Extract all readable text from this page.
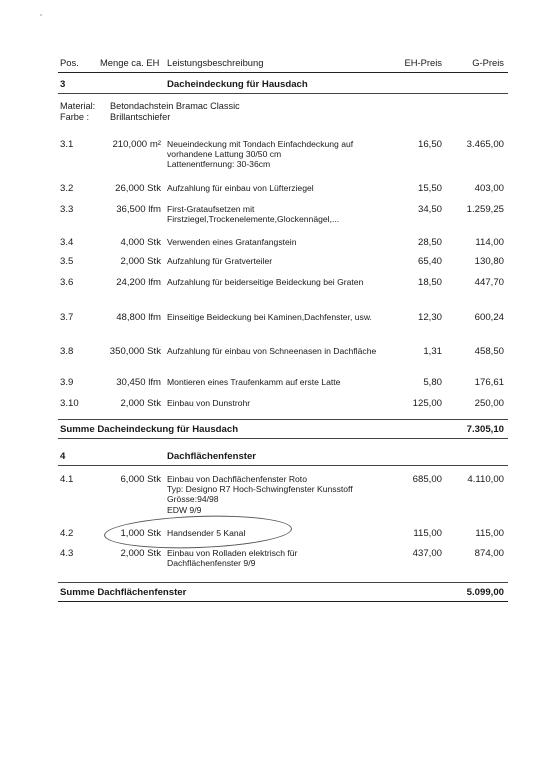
Pos. Menge ca. EH Leistungsbeschreibung	EH-Preis	G-Preis
3	Dacheindeckung für Hausdach
Material: Betondachstein Bramac Classic
Farbe : Brillantschiefer
3.1	210,000 m² Neueindeckung mit Tondach Einfachdeckung auf vorhandene Lattung 30/50 cm
Lattenentfernung: 30-36cm
16,50	3.465,00
3.2	26,000 Stk Aufzahlung für einbau von Lüfterziegel	15,50	403,00
3.3	36,500 lfm First-Grataufsetzen mit
Firstziegel,Trockenelemente,Glockennägel,...
34,50	1.259,25
3.4	4,000 Stk Verwenden eines Gratanfangstein	28,50	114,00
3.5	2,000 Stk Aufzahlung für Gratverteiler	65,40	130,80
3.6	24,200 lfm Aufzahlung für beiderseitige Beideckung bei Graten	18,50	447,70
3.7	48,800 lfm Einseitige Beideckung bei Kaminen,Dachfenster, usw.	12,30	600,24
3.8	350,000 Stk Aufzahlung für einbau von Schneenasen in Dachfläche	1,31	458,50
3.9	30,450 lfm Montieren eines Traufenkamm auf erste Latte	5,80	176,61
3.10	2,000 Stk Einbau von Dunstrohr	125,00	250,00
Summe Dacheindeckung für Hausdach	7.305,10
4	Dachflächenfenster
4.1	6,000 Stk Einbau von Dachflächenfenster Roto
Typ: Designo R7 Hoch-Schwingfenster Kunsstoff
Grösse:94/98
EDW 9/9
685,00	4.110,00
4.2	1,000 Stk Handsender 5 Kanal	115,00	115,00
4.3	2,000 Stk Einbau von Rolladen elektrisch für
Dachflächenfenster 9/9
437,00	874,00
Summe Dachflächenfenster	5.099,00
